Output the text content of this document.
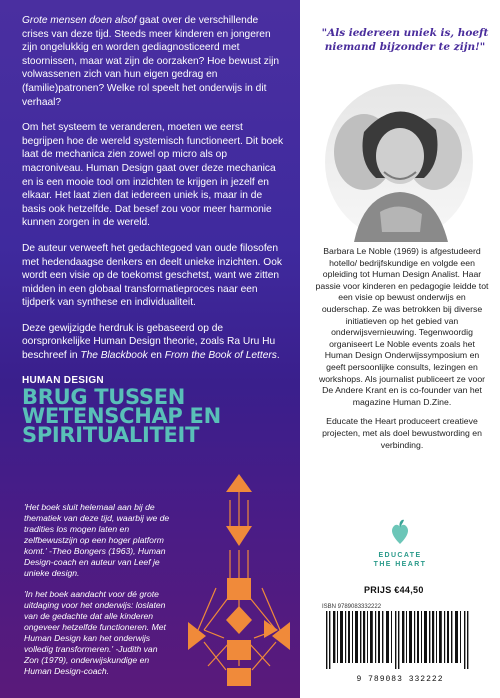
Grote mensen doen alsof gaat over de verschillende crises van deze tijd. Steeds meer kinderen en jongeren zijn ongelukkig en worden gediagnosticeerd met stoornissen, maar wat zijn de oorzaken? Hoe bewust zijn volwassenen zich van hun eigen gedrag en (familie)patronen? Welke rol speelt het onderwijs in dit verhaal?

Om het systeem te veranderen, moeten we eerst begrijpen hoe de wereld systemisch functioneert. Dit boek laat de mechanica zien zowel op micro als op macroniveau. Human Design gaat over deze mechanica en is een mooie tool om inzichten te krijgen in jezelf en elkaar. Het laat zien dat iedereen uniek is, maar in de basis ook hetzelfde. Dat besef zou voor meer harmonie kunnen zorgen in de wereld.

De auteur verweeft het gedachtegoed van oude filosofen met hedendaagse denkers en deelt unieke inzichten. Ook wordt een visie op de toekomst geschetst, want we zitten midden in een globaal transformatieproces naar een tijdperk van synthese en individualiteit.

Deze gewijzigde herdruk is gebaseerd op de oorspronkelijke Human Design theorie, zoals Ra Uru Hu beschreef in The Blackbook en From the Book of Letters.

HUMAN DESIGN
BRUG TUSSEN
WETENSCHAP EN
SPIRITUALITEIT
'Het boek sluit helemaal aan bij de thematiek van deze tijd, waarbij we de tradities los mogen laten en zelfbewustzijn op een hoger platform komt.' -Theo Bongers (1963), Human Design-coach en auteur van Leef je unieke design.
'In het boek aandacht voor dé grote uitdaging voor het onderwijs: loslaten van de gedachte dat alle kinderen ongeveer hetzelfde functioneren. Met Human Design kan het onderwijs volledig transformeren.' -Judith van Zon (1979), onderwijskundige en Human Design-coach.
"Als iedereen uniek is, hoeft niemand bijzonder te zijn!"

Barbara Le Noble (1969) is afgestudeerd hotello/ bedrijfskundige en volgde een opleiding tot Human Design Analist. Haar passie voor kinderen en pedagogie leidde tot een visie op bewust onderwijs en ouderschap. Ze was betrokken bij diverse initiatieven op het gebied van onderwijsvernieuwing. Tegenwoordig organiseert Le Noble events zoals het Human Design Onderwijssymposium en geeft persoonlijke consults, lezingen en workshops. Als journalist publiceert ze voor De Andere Krant en is co-founder van het magazine Human D.Zine.

Educate the Heart produceert creatieve projecten, met als doel bewustwording en verbinding.

EDUCATE
THE HEART
PRIJS €44,50
ISBN 9789083332222
9 789083 332222
